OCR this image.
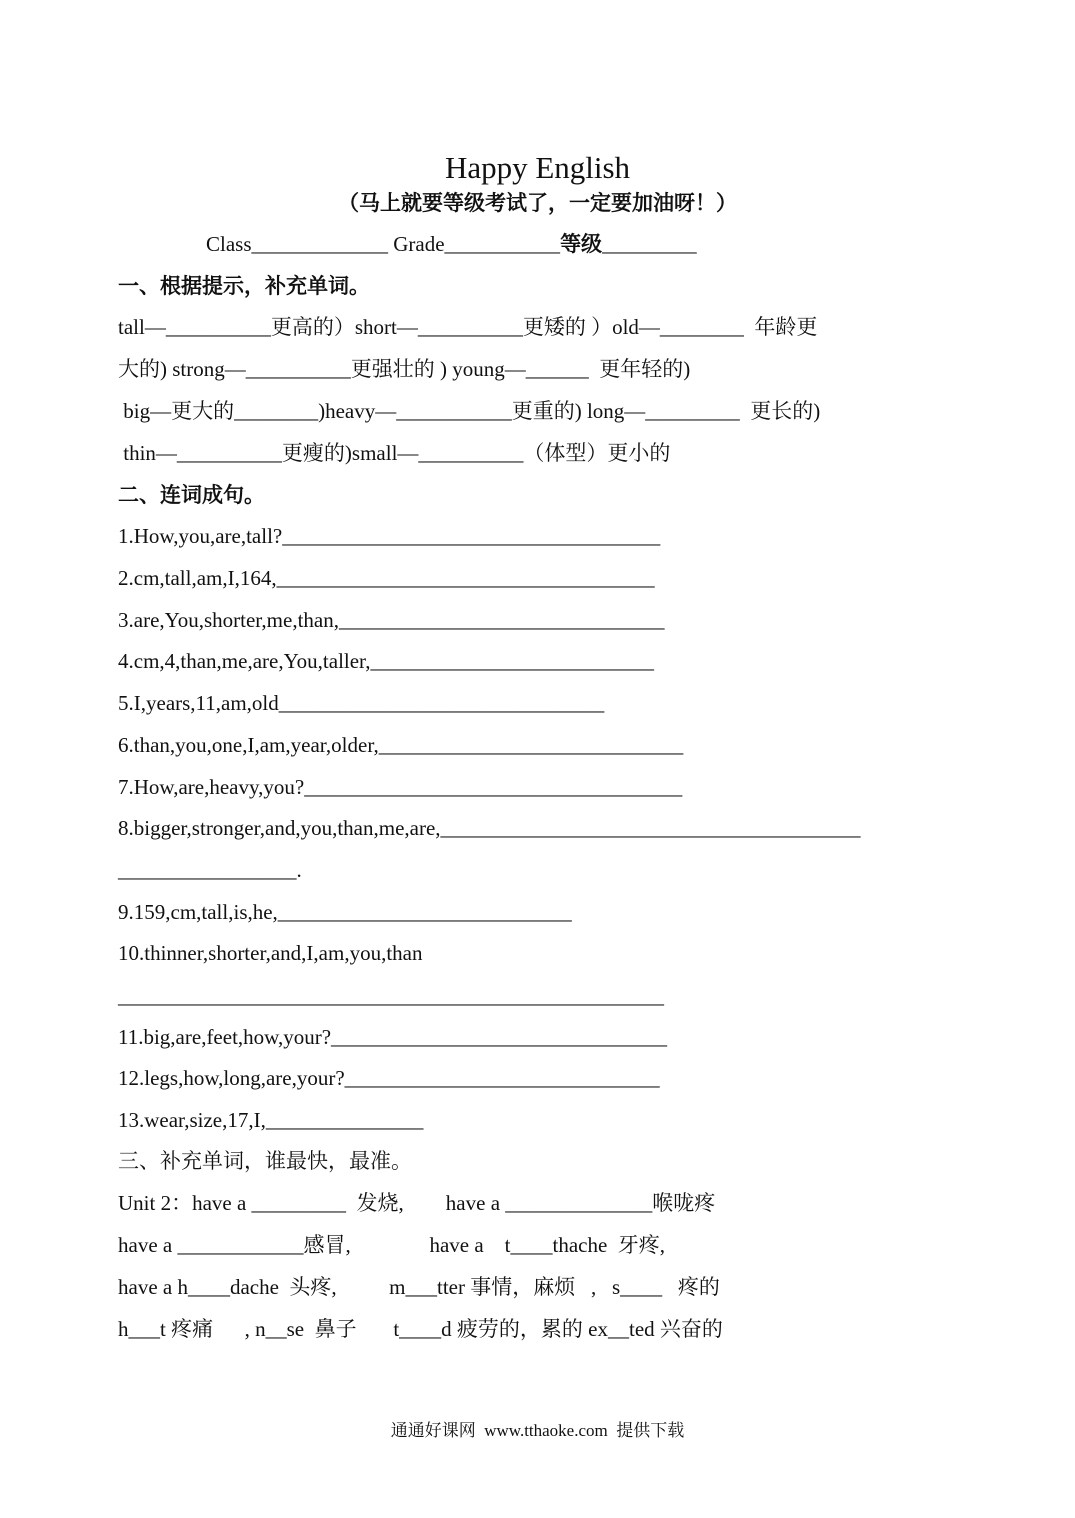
Happy English
（马上就要等级考试了，一定要加油呀！）
Class_____________ Grade___________等级_________
一、根据提示，补充单词。
tall—__________更高的）short—__________更矮的 ）old—________  年龄更
大的) strong—__________更强壮的 ) young—______  更年轻的)
big—更大的________)heavy—___________更重的) long—_________  更长的)
thin—__________更瘦的)small—__________（体型）更小的
二、连词成句。
1.How,you,are,tall?____________________________________
2.cm,tall,am,I,164,____________________________________
3.are,You,shorter,me,than,_______________________________
4.cm,4,than,me,are,You,taller,___________________________
5.I,years,11,am,old_______________________________
6.than,you,one,I,am,year,older,_____________________________
7.How,are,heavy,you?____________________________________
8.bigger,stronger,and,you,than,me,are,________________________________________
_________________.
9.159,cm,tall,is,he,____________________________
10.thinner,shorter,and,I,am,you,than
____________________________________________________
11.big,are,feet,how,your?________________________________
12.legs,how,long,are,your?______________________________
13.wear,size,17,I,_______________
三、补充单词，谁最快，最准。
Unit 2：have a _________  发烧,        have a ______________喉咙疼
have a ____________感冒,               have a    t____thache  牙疼,
have a h____dache  头疼,          m___tter 事情，麻烦   ,   s____   疼的
h___t 疼痛      , n__se  鼻子       t____d 疲劳的，累的 ex__ted 兴奋的
通通好课网  www.tthaoke.com  提供下载
